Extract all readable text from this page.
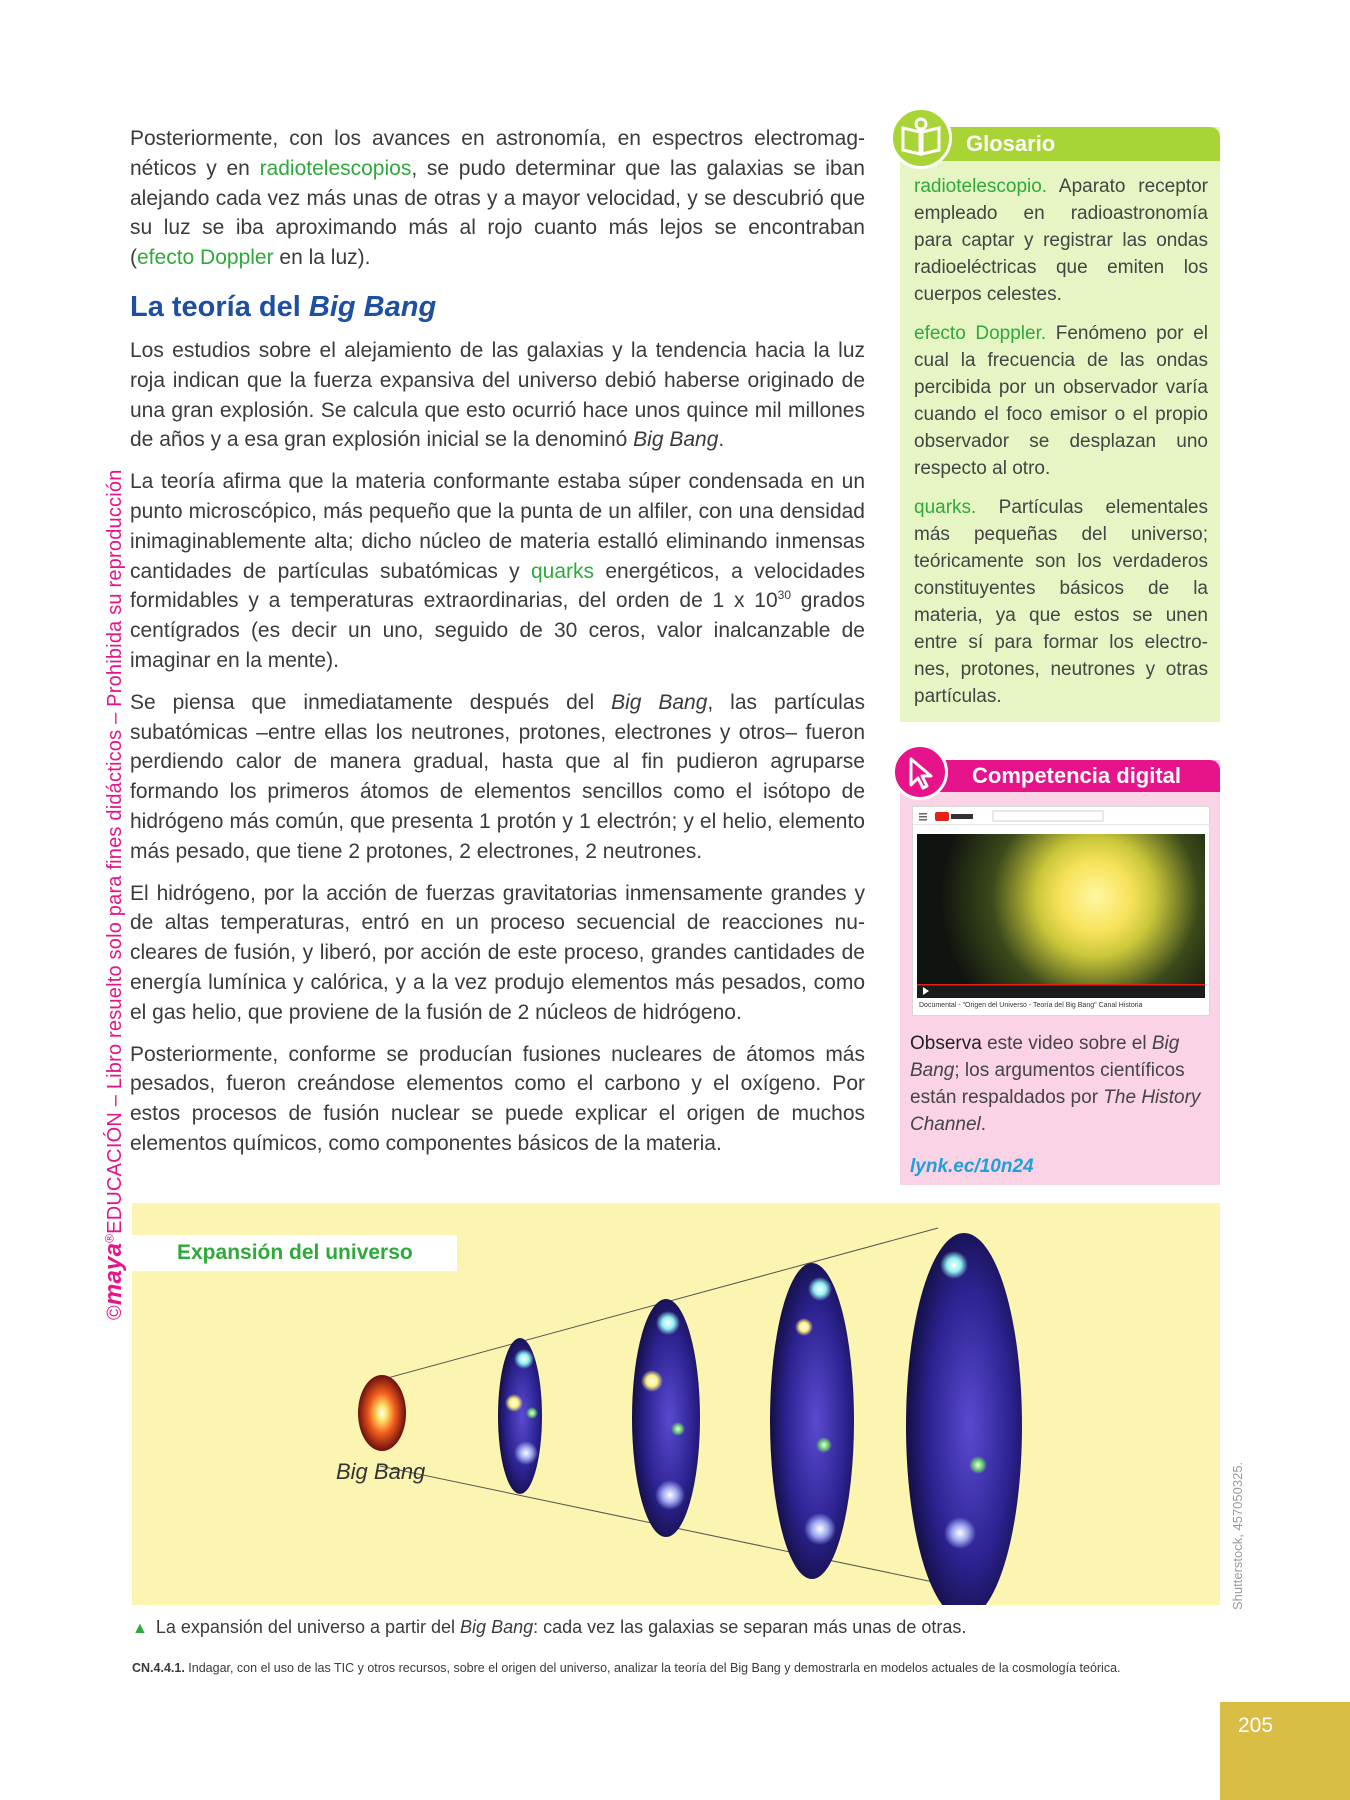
©maya®EDUCACIÓN – Libro resuelto solo para fines didácticos – Prohibida su reproducción

Posteriormente, con los avances en astronomía, en espectros electromagnéticos y en radiotelescopios, se pudo determinar que las galaxias se iban alejando cada vez más unas de otras y a mayor velocidad, y se descubrió que su luz se iba aproximando más al rojo cuanto más lejos se encontraban (efecto Doppler en la luz).

La teoría del Big Bang

Los estudios sobre el alejamiento de las galaxias y la tendencia hacia la luz roja indican que la fuerza expansiva del universo debió haberse originado de una gran explosión. Se calcula que esto ocurrió hace unos quince mil millones de años y a esa gran explosión inicial se la denominó Big Bang.

La teoría afirma que la materia conformante estaba súper condensada en un punto microscópico, más pequeño que la punta de un alfiler, con una densidad inimaginablemente alta; dicho núcleo de materia estalló eliminando inmensas cantidades de partículas subatómicas y quarks energéticos, a velocidades formidables y a temperaturas extraordinarias, del orden de 1 x $10^{30}$ grados centígrados (es decir un uno, seguido de 30 ceros, valor inalcanzable de imaginar en la mente).

Se piensa que inmediatamente después del Big Bang, las partículas subatómicas –entre ellas los neutrones, protones, electrones y otros– fueron perdiendo calor de manera gradual, hasta que al fin pudieron agruparse formando los primeros átomos de elementos sencillos como el isótopo de hidrógeno más común, que presenta 1 protón y 1 electrón; y el helio, elemento más pesado, que tiene 2 protones, 2 electrones, 2 neutrones.

El hidrógeno, por la acción de fuerzas gravitatorias inmensamente grandes y de altas temperaturas, entró en un proceso secuencial de reacciones nucleares de fusión, y liberó, por acción de este proceso, grandes cantidades de energía lumínica y calórica, y a la vez produjo elementos más pesados, como el gas helio, que proviene de la fusión de 2 núcleos de hidrógeno.

Posteriormente, conforme se producían fusiones nucleares de átomos más pesados, fueron creándose elementos como el carbono y el oxígeno. Por estos procesos de fusión nuclear se puede explicar el origen de muchos elementos químicos, como componentes básicos de la materia.

Glosario

radiotelescopio. Aparato receptor empleado en radioastronomía para captar y registrar las ondas radioeléctricas que emiten los cuerpos celestes.

efecto Doppler. Fenómeno por el cual la frecuencia de las ondas percibida por un observador varía cuando el foco emisor o el propio observador se desplazan uno respecto al otro.

quarks. Partículas elementales más pequeñas del universo; teóricamente son los verdaderos constituyentes básicos de la materia, ya que estos se unen entre sí para formar los electrones, protones, neutrones y otras partículas.

Competencia digital
Documental - "Origen del Universo - Teoría del Big Bang" Canal Historia

Observa este video sobre el Big Bang; los argumentos científicos están respaldados por The History Channel.

lynk.ec/10n24
Expansión del universo
Big Bang	Shutterstock, 457050325.

▲ La expansión del universo a partir del Big Bang: cada vez las galaxias se separan más unas de otras.

CN.4.4.1. Indagar, con el uso de las TIC y otros recursos, sobre el origen del universo, analizar la teoría del Big Bang y demostrarla en modelos actuales de la cosmología teórica.

205
